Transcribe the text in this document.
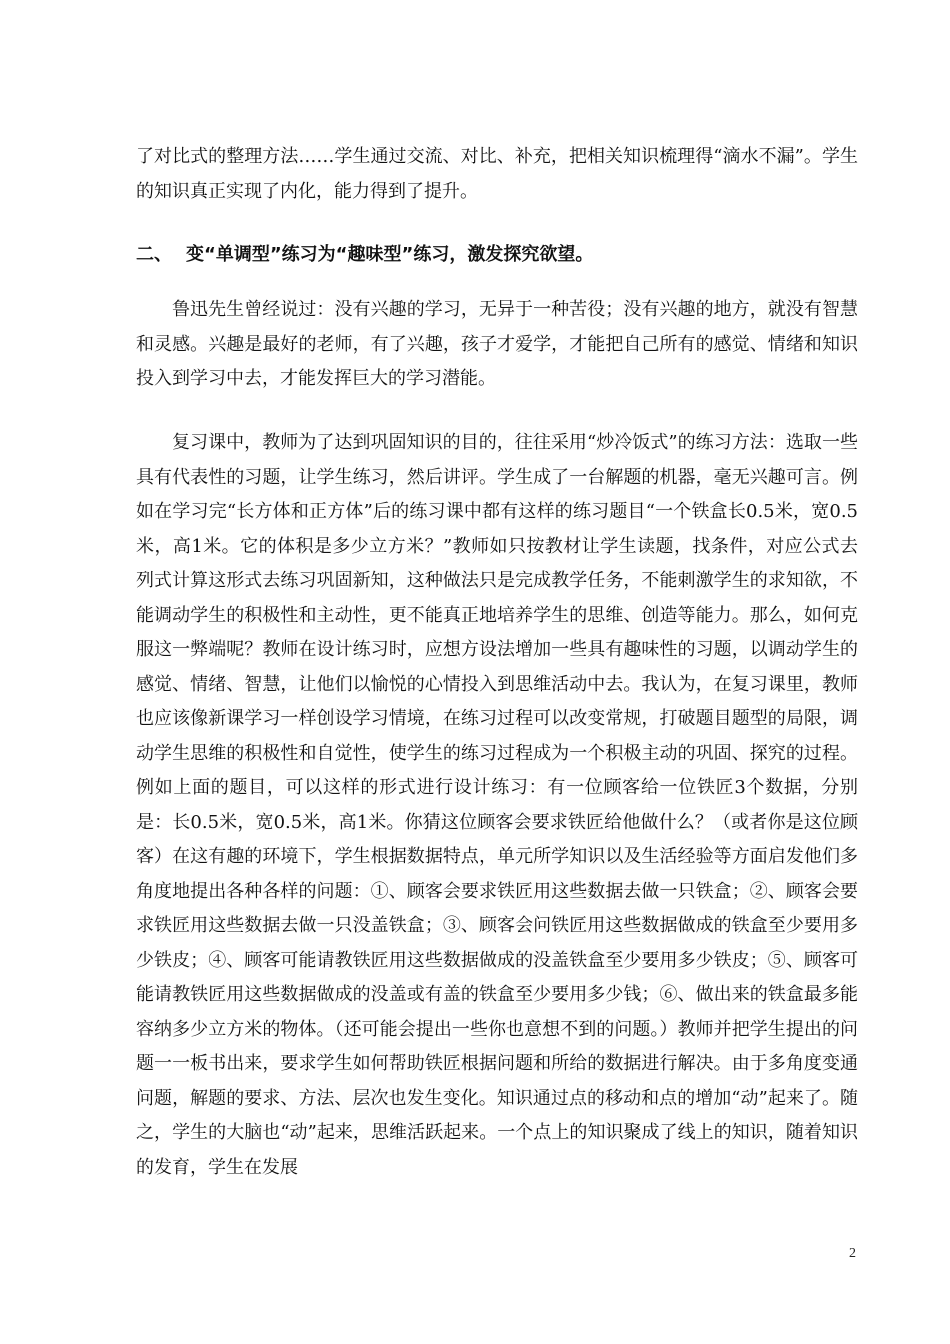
了对比式的整理方法……学生通过交流、对比、补充，把相关知识梳理得“滴水不漏”。学生的知识真正实现了内化，能力得到了提升。
二、 变“单调型”练习为“趣味型”练习，激发探究欲望。
鲁迅先生曾经说过：没有兴趣的学习，无异于一种苦役；没有兴趣的地方，就没有智慧和灵感。兴趣是最好的老师，有了兴趣，孩子才爱学，才能把自己所有的感觉、情绪和知识投入到学习中去，才能发挥巨大的学习潜能。
复习课中，教师为了达到巩固知识的目的，往往采用“炒冷饭式”的练习方法：选取一些具有代表性的习题，让学生练习，然后讲评。学生成了一台解题的机器，毫无兴趣可言。例如在学习完“长方体和正方体”后的练习课中都有这样的练习题目“一个铁盒长0.5米，宽0.5米，高1米。它的体积是多少立方米？”教师如只按教材让学生读题，找条件，对应公式去列式计算这形式去练习巩固新知，这种做法只是完成教学任务，不能刺激学生的求知欲，不能调动学生的积极性和主动性，更不能真正地培养学生的思维、创造等能力。那么，如何克服这一弊端呢？教师在设计练习时，应想方设法增加一些具有趣味性的习题，以调动学生的感觉、情绪、智慧，让他们以愉悦的心情投入到思维活动中去。我认为，在复习课里，教师也应该像新课学习一样创设学习情境，在练习过程可以改变常规，打破题目题型的局限，调动学生思维的积极性和自觉性，使学生的练习过程成为一个积极主动的巩固、探究的过程。例如上面的题目，可以这样的形式进行设计练习：有一位顾客给一位铁匠3个数据，分别是：长0.5米，宽0.5米，高1米。你猜这位顾客会要求铁匠给他做什么？（或者你是这位顾客）在这有趣的环境下，学生根据数据特点，单元所学知识以及生活经验等方面启发他们多角度地提出各种各样的问题：①、顾客会要求铁匠用这些数据去做一只铁盒；②、顾客会要求铁匠用这些数据去做一只没盖铁盒；③、顾客会问铁匠用这些数据做成的铁盒至少要用多少铁皮；④、顾客可能请教铁匠用这些数据做成的没盖铁盒至少要用多少铁皮；⑤、顾客可能请教铁匠用这些数据做成的没盖或有盖的铁盒至少要用多少钱；⑥、做出来的铁盒最多能容纳多少立方米的物体。（还可能会提出一些你也意想不到的问题。）教师并把学生提出的问题一一板书出来，要求学生如何帮助铁匠根据问题和所给的数据进行解决。由于多角度变通问题，解题的要求、方法、层次也发生变化。知识通过点的移动和点的增加“动”起来了。随之，学生的大脑也“动”起来，思维活跃起来。一个点上的知识聚成了线上的知识，随着知识的发育，学生在发展
2
